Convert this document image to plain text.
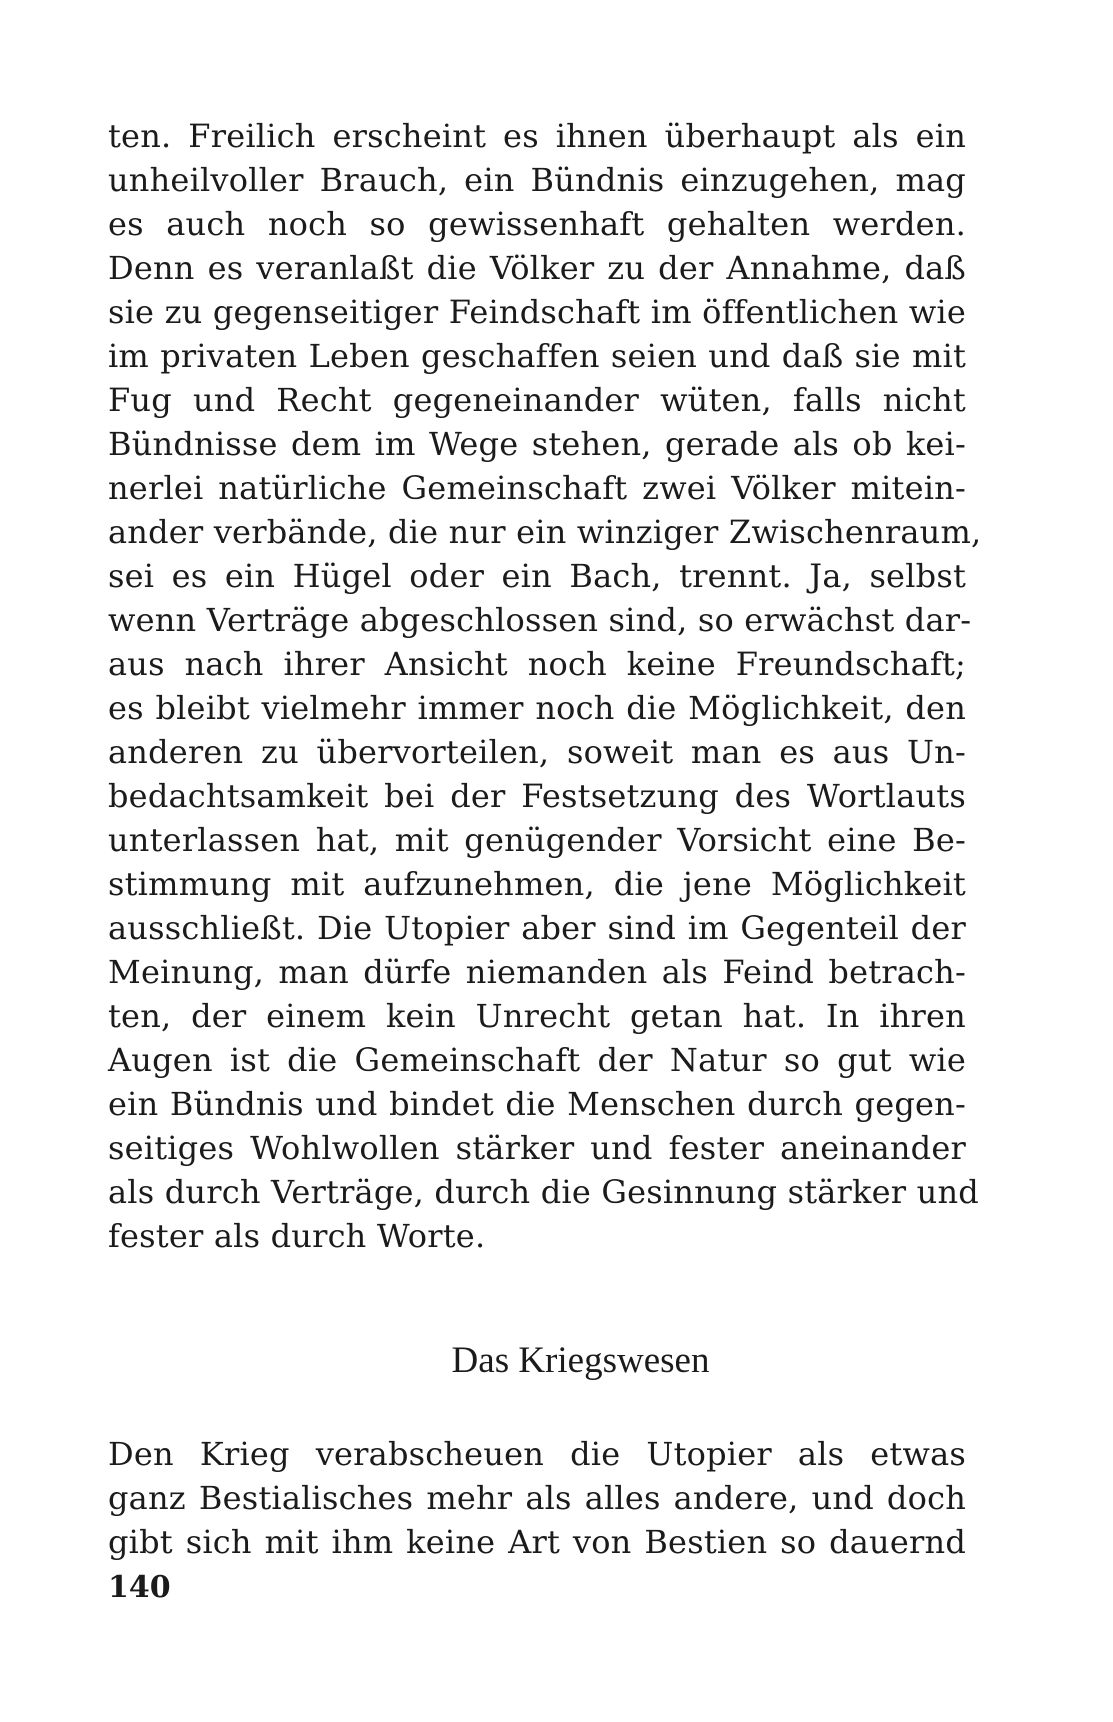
ten. Freilich erscheint es ihnen überhaupt als ein
unheilvoller Brauch, ein Bündnis einzugehen, mag
es auch noch so gewissenhaft gehalten werden.
Denn es veranlaßt die Völker zu der Annahme, daß
sie zu gegenseitiger Feindschaft im öffentlichen wie
im privaten Leben geschaffen seien und daß sie mit
Fug und Recht gegeneinander wüten, falls nicht
Bündnisse dem im Wege stehen, gerade als ob kei-
nerlei natürliche Gemeinschaft zwei Völker mitein-
ander verbände, die nur ein winziger Zwischenraum,
sei es ein Hügel oder ein Bach, trennt. Ja, selbst
wenn Verträge abgeschlossen sind, so erwächst dar-
aus nach ihrer Ansicht noch keine Freundschaft;
es bleibt vielmehr immer noch die Möglichkeit, den
anderen zu übervorteilen, soweit man es aus Un-
bedachtsamkeit bei der Festsetzung des Wortlauts
unterlassen hat, mit genügender Vorsicht eine Be-
stimmung mit aufzunehmen, die jene Möglichkeit
ausschließt. Die Utopier aber sind im Gegenteil der
Meinung, man dürfe niemanden als Feind betrach-
ten, der einem kein Unrecht getan hat. In ihren
Augen ist die Gemeinschaft der Natur so gut wie
ein Bündnis und bindet die Menschen durch gegen-
seitiges Wohlwollen stärker und fester aneinander
als durch Verträge, durch die Gesinnung stärker und
fester als durch Worte.
Das Kriegswesen
Den Krieg verabscheuen die Utopier als etwas
ganz Bestialisches mehr als alles andere, und doch
gibt sich mit ihm keine Art von Bestien so dauernd
140
